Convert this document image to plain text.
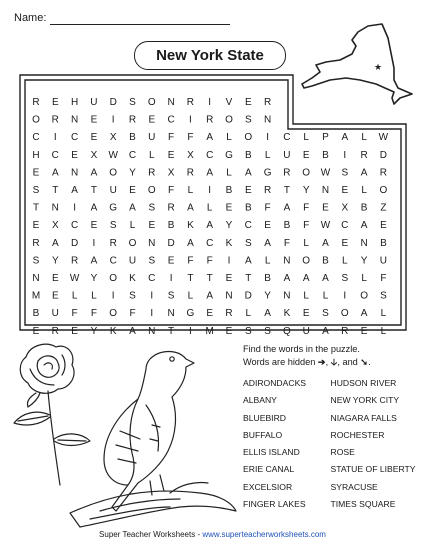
Name:
New York State
★
R E H U D S O N R I V E R
O R N E I R E C I R O S N
C I C E X B U F F A L O I C L P A L W
H C E X W C L E X C G B L U E B I R D
E A N A O Y R X R A L A G R O W S A R
S T A T U E O F L I B E R T Y N E L O
T N I A G A S R A L E B F A F E X B Z
E X C E S L E B K A Y C E B F W C A E
R A D I R O N D A C K S A F L A E N B
S Y R A C U S E F F I A L N O B L Y U
N E W Y O K C I T T E T B A A A S L F
M E L L I S I S L A N D Y N L L I O S
B U F F O F I N G E R L A K E S O A L
E R E Y K A N T I M E S S Q U A R E L
Find the words in the puzzle.
Words are hidden ➔, 🡣, and ➘.
ADIRONDACKS	HUDSON RIVER
ALBANY	NEW YORK CITY
BLUEBIRD	NIAGARA FALLS
BUFFALO	ROCHESTER
ELLIS ISLAND	ROSE
ERIE CANAL	STATUE OF LIBERTY
EXCELSIOR	SYRACUSE
FINGER LAKES	TIMES SQUARE
Super Teacher Worksheets - www.superteacherworksheets.com
